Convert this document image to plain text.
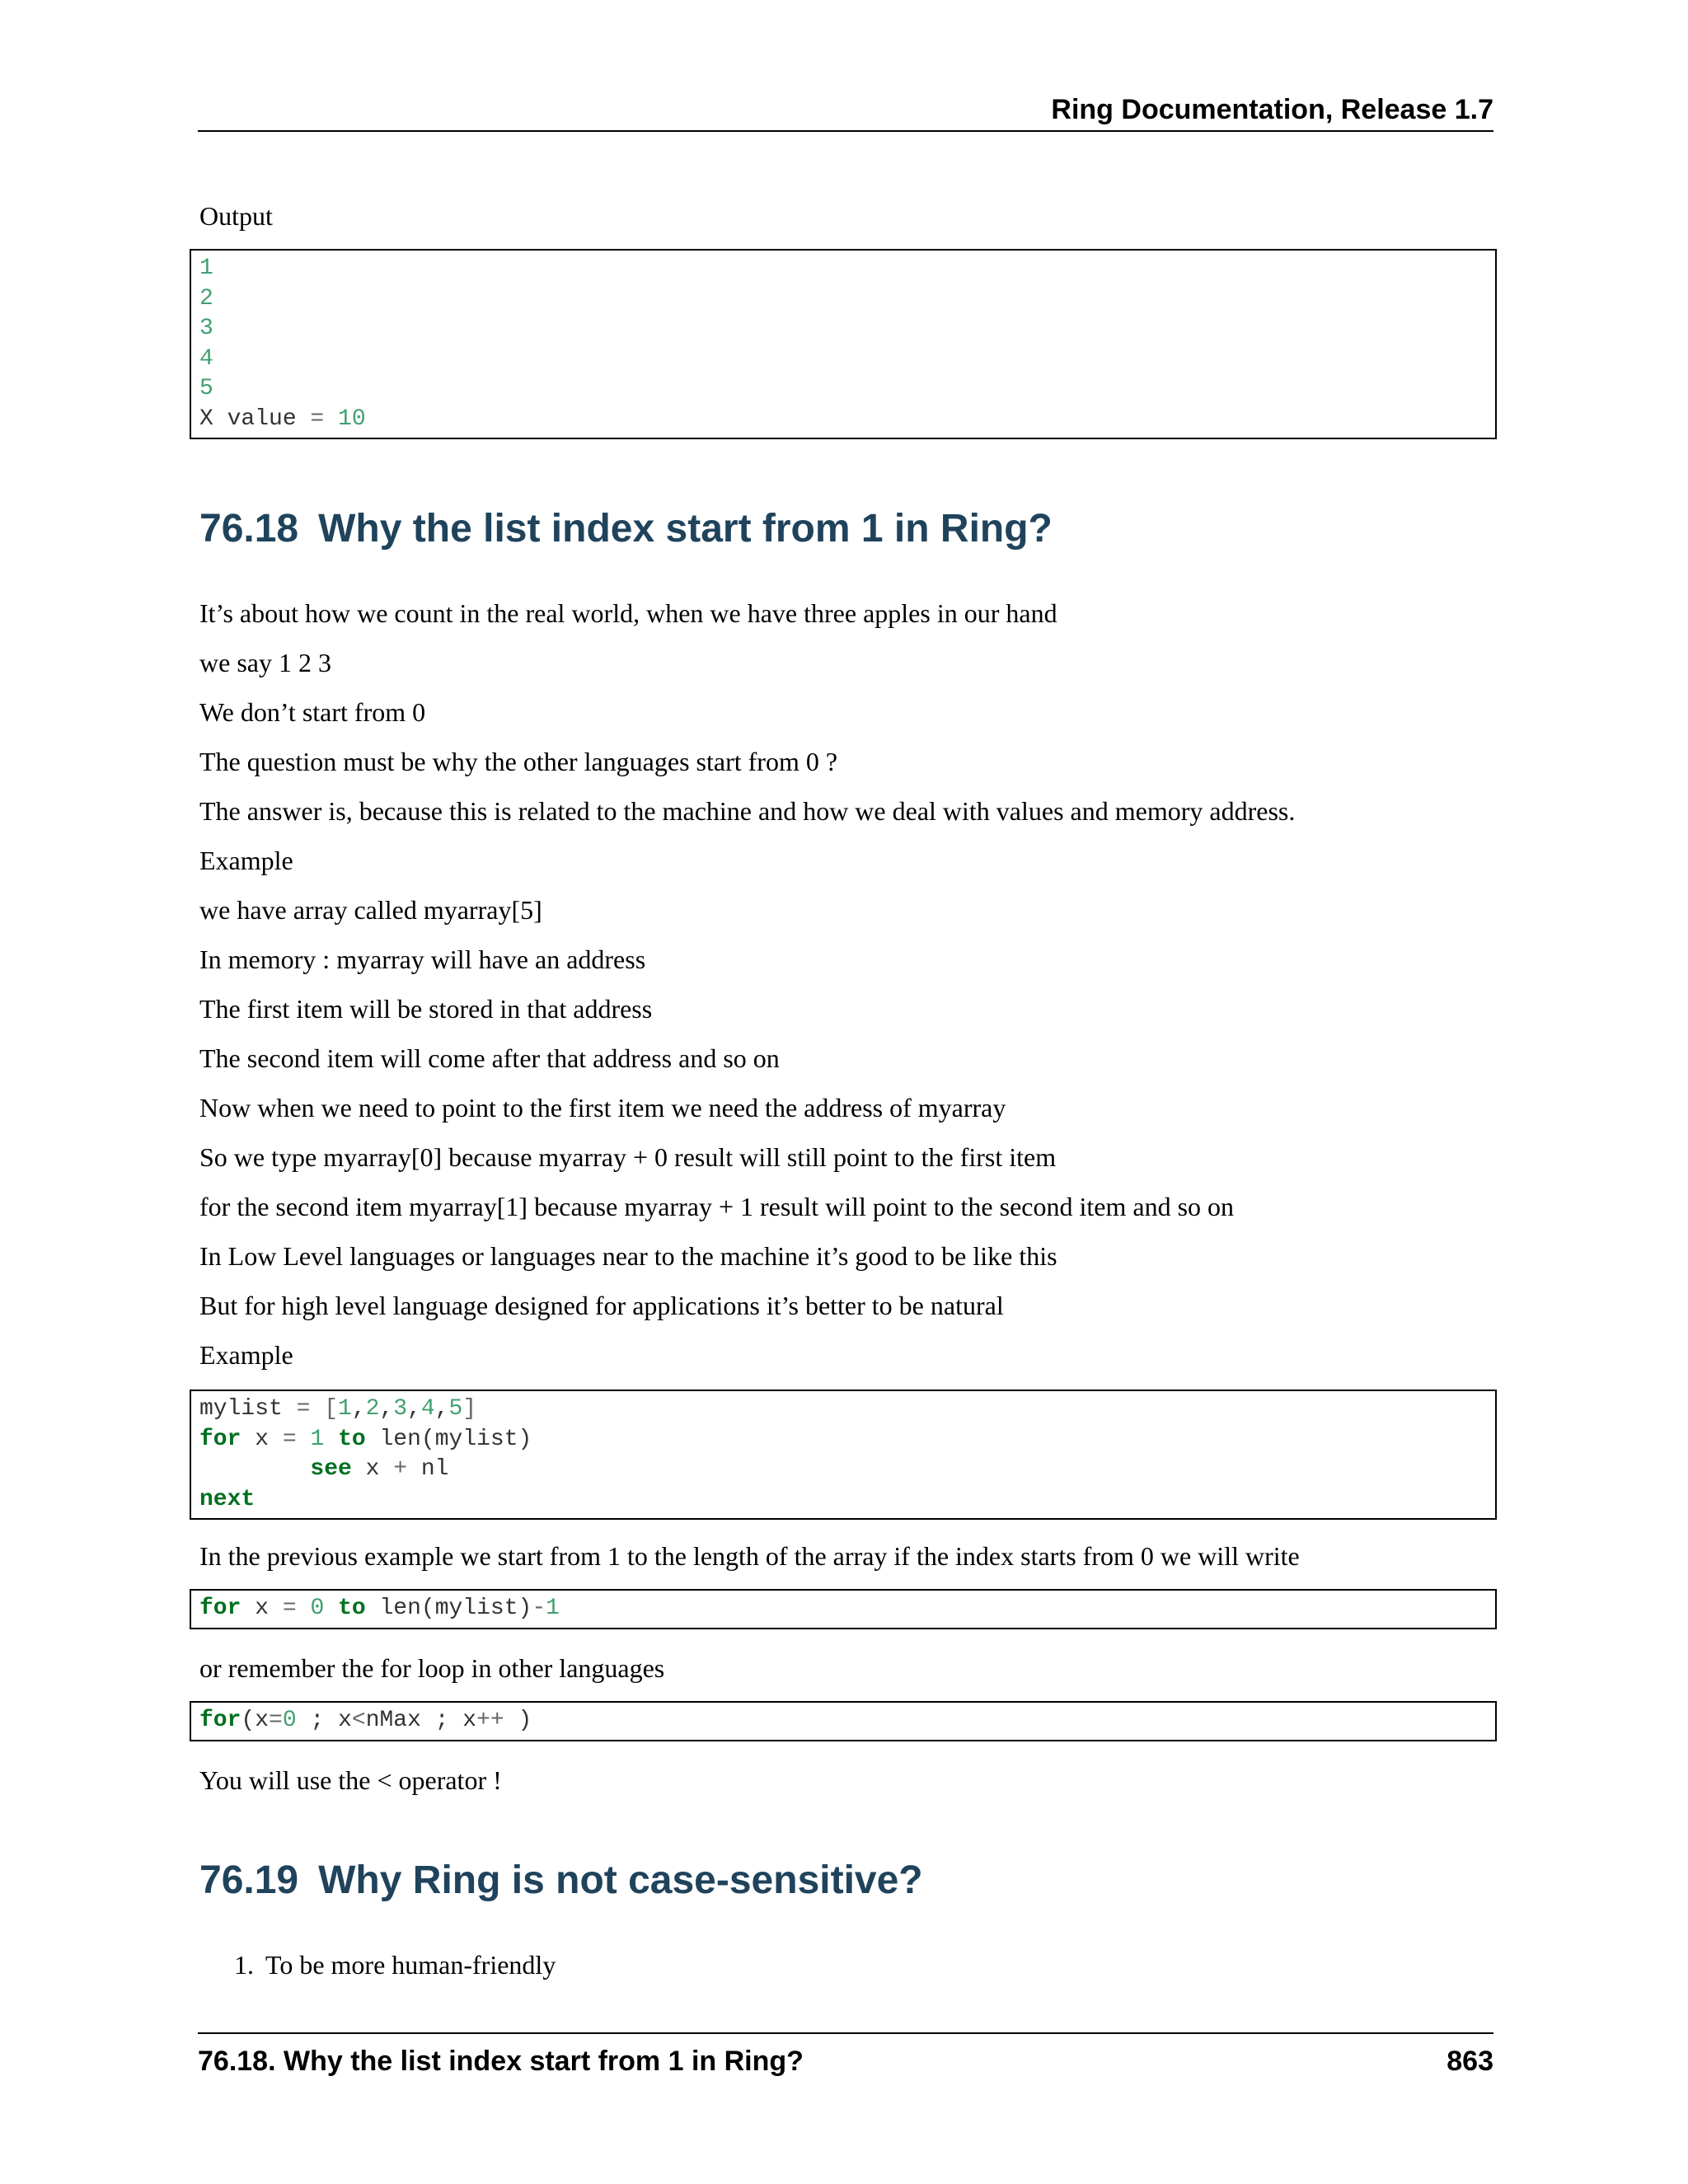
Ring Documentation, Release 1.7
Output
1
2
3
4
5
X value = 10
76.18 Why the list index start from 1 in Ring?
It’s about how we count in the real world, when we have three apples in our hand
we say 1 2 3
We don’t start from 0
The question must be why the other languages start from 0 ?
The answer is, because this is related to the machine and how we deal with values and memory address.
Example
we have array called myarray[5]
In memory : myarray will have an address
The first item will be stored in that address
The second item will come after that address and so on
Now when we need to point to the first item we need the address of myarray
So we type myarray[0] because myarray + 0 result will still point to the first item
for the second item myarray[1] because myarray + 1 result will point to the second item and so on
In Low Level languages or languages near to the machine it’s good to be like this
But for high level language designed for applications it’s better to be natural
Example
mylist = [1,2,3,4,5]
for x = 1 to len(mylist)
see x + nl
next
In the previous example we start from 1 to the length of the array if the index starts from 0 we will write
for x = 0 to len(mylist)-1
or remember the for loop in other languages
for(x=0 ; x<nMax ; x++ )
You will use the < operator !
76.19 Why Ring is not case-sensitive?
1. To be more human-friendly
76.18. Why the list index start from 1 in Ring?	863
